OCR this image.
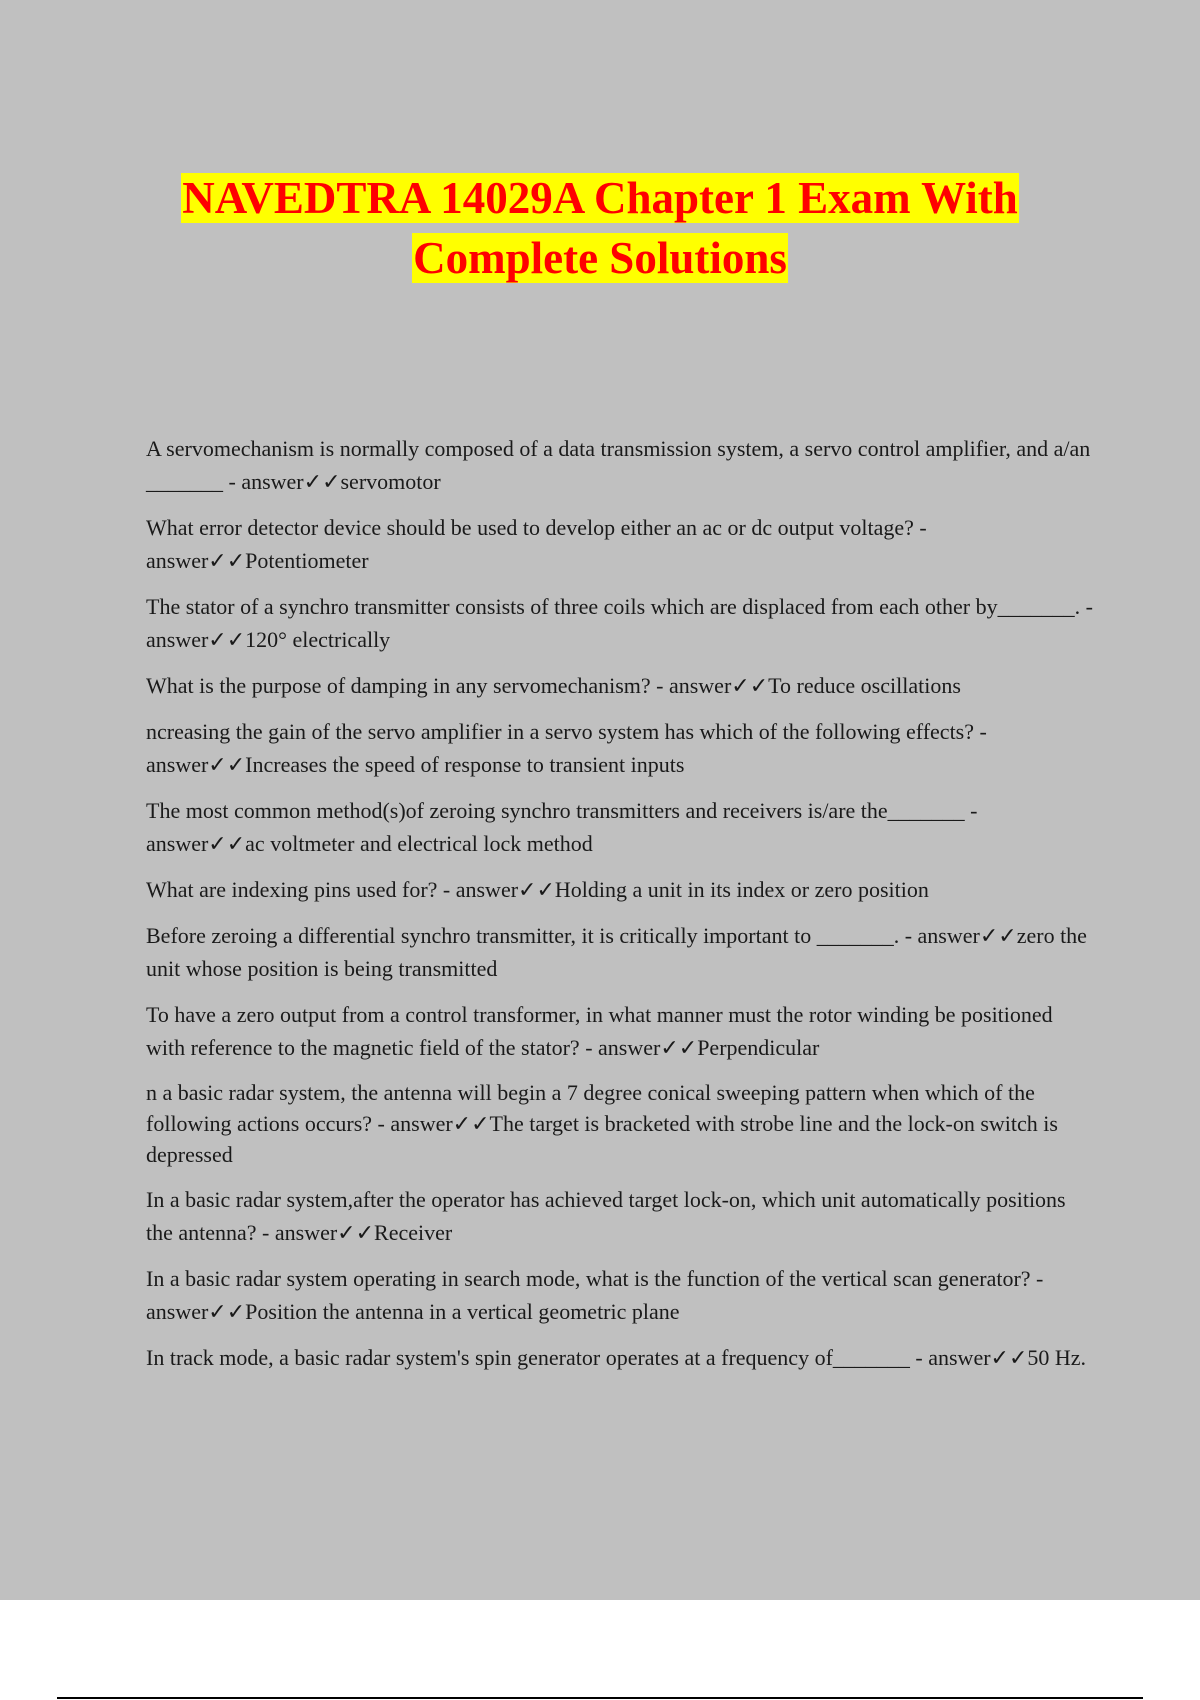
NAVEDTRA 14029A Chapter 1 Exam With
Complete Solutions

A servomechanism is normally composed of a data transmission system, a servo control amplifier, and a/an _______ - answer✓✓servomotor

What error detector device should be used to develop either an ac or dc output voltage? - answer✓✓Potentiometer

The stator of a synchro transmitter consists of three coils which are displaced from each other by_______. - answer✓✓120° electrically

What is the purpose of damping in any servomechanism? - answer✓✓To reduce oscillations

ncreasing the gain of the servo amplifier in a servo system has which of the following effects? - answer✓✓Increases the speed of response to transient inputs

The most common method(s)of zeroing synchro transmitters and receivers is/are the_______ - answer✓✓ac voltmeter and electrical lock method

What are indexing pins used for? - answer✓✓Holding a unit in its index or zero position

Before zeroing a differential synchro transmitter, it is critically important to _______. - answer✓✓zero the unit whose position is being transmitted

To have a zero output from a control transformer, in what manner must the rotor winding be positioned with reference to the magnetic field of the stator? - answer✓✓Perpendicular

n a basic radar system, the antenna will begin a 7 degree conical sweeping pattern when which of the following actions occurs? - answer✓✓The target is bracketed with strobe line and the lock-on switch is depressed

In a basic radar system,after the operator has achieved target lock-on, which unit automatically positions the antenna? - answer✓✓Receiver

In a basic radar system operating in search mode, what is the function of the vertical scan generator? - answer✓✓Position the antenna in a vertical geometric plane

In track mode, a basic radar system's spin generator operates at a frequency of_______ - answer✓✓50 Hz.
